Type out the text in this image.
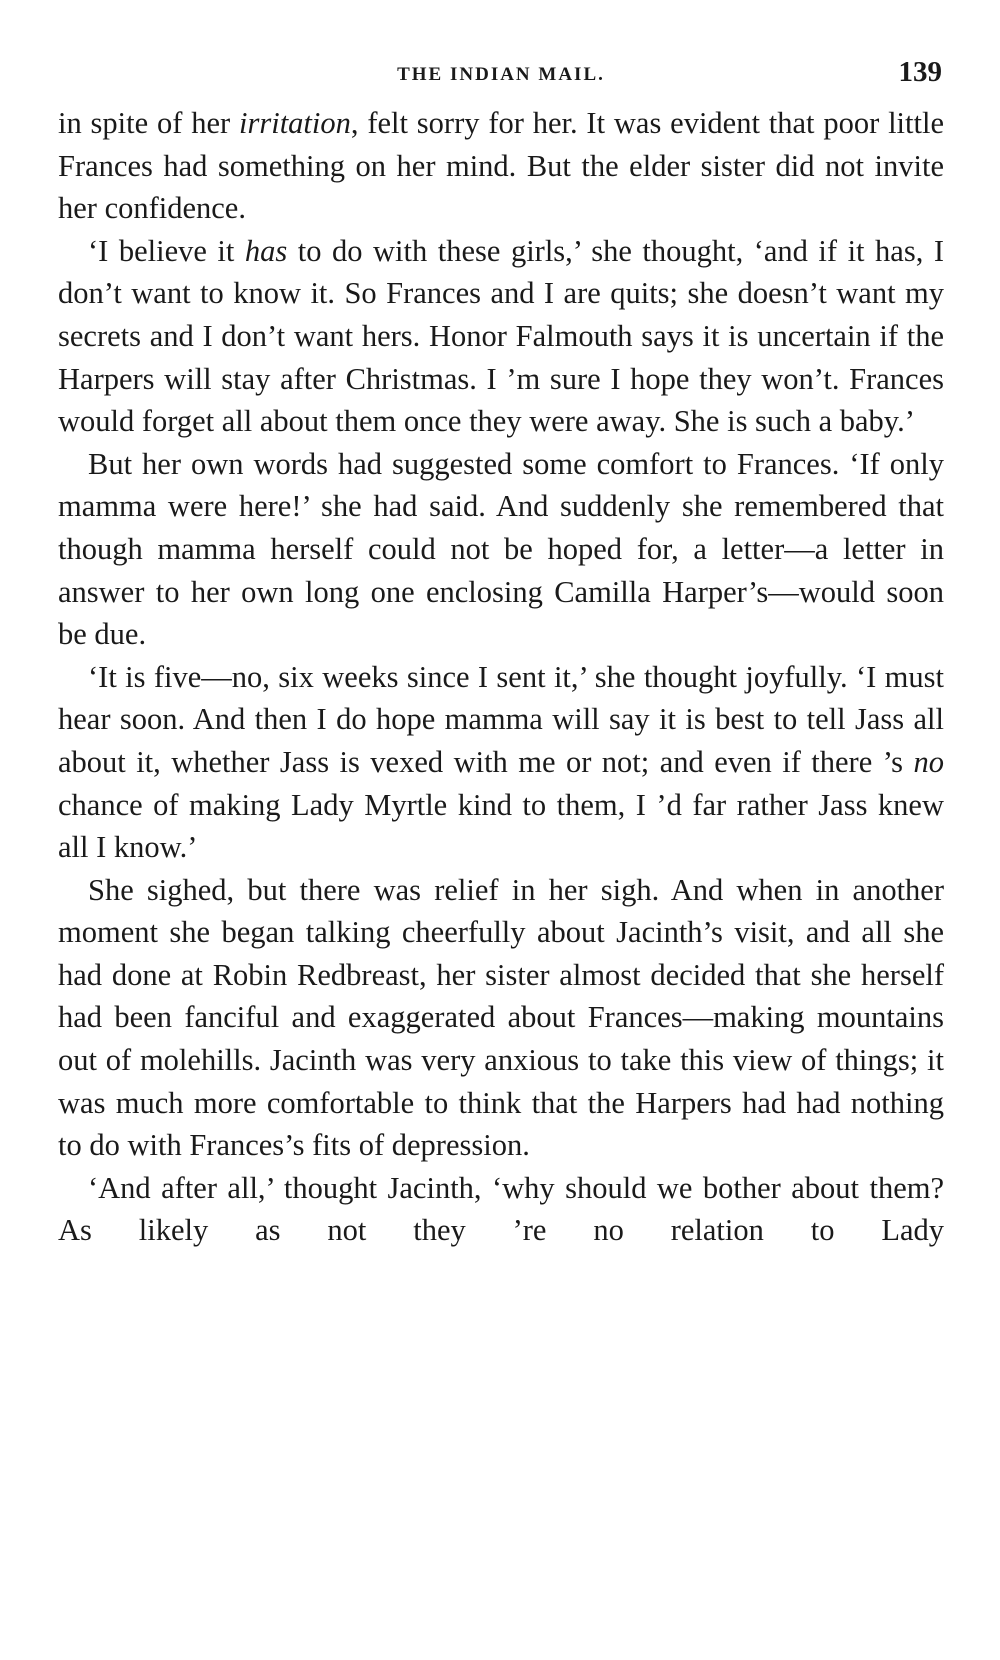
THE INDIAN MAIL.	139

in spite of her irritation, felt sorry for her. It was evident that poor little Frances had something on her mind. But the elder sister did not invite her confidence.

‘I believe it has to do with these girls,’ she thought, ‘and if it has, I don’t want to know it. So Frances and I are quits; she doesn’t want my secrets and I don’t want hers. Honor Falmouth says it is uncertain if the Harpers will stay after Christmas. I ’m sure I hope they won’t. Frances would forget all about them once they were away. She is such a baby.’

But her own words had suggested some comfort to Frances. ‘If only mamma were here!’ she had said. And suddenly she remembered that though mamma herself could not be hoped for, a letter—a letter in answer to her own long one enclosing Camilla Harper’s—would soon be due.

‘It is five—no, six weeks since I sent it,’ she thought joyfully. ‘I must hear soon. And then I do hope mamma will say it is best to tell Jass all about it, whether Jass is vexed with me or not; and even if there ’s no chance of making Lady Myrtle kind to them, I ’d far rather Jass knew all I know.’

She sighed, but there was relief in her sigh. And when in another moment she began talking cheerfully about Jacinth’s visit, and all she had done at Robin Redbreast, her sister almost decided that she herself had been fanciful and exaggerated about Frances—making mountains out of molehills. Jacinth was very anxious to take this view of things; it was much more comfortable to think that the Harpers had had nothing to do with Frances’s fits of depression.

‘And after all,’ thought Jacinth, ‘why should we bother about them? As likely as not they ’re no relation to Lady
